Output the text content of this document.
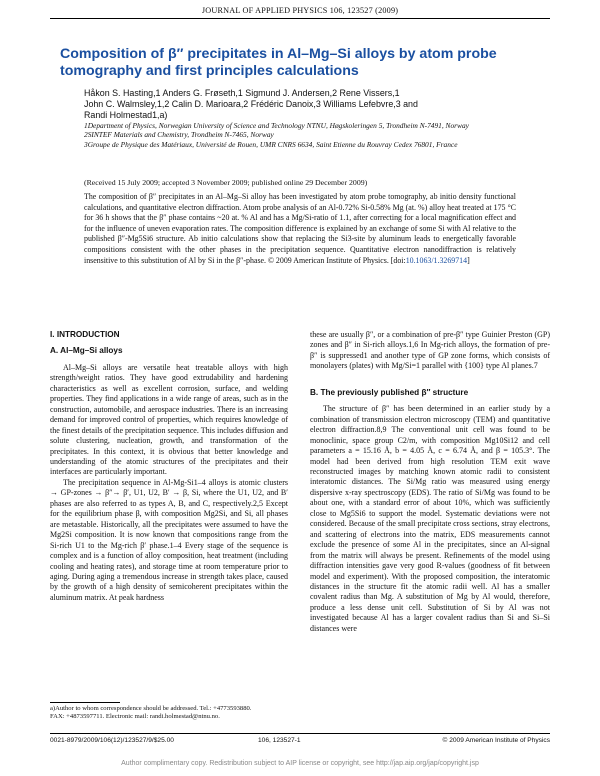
JOURNAL OF APPLIED PHYSICS 106, 123527 (2009)
Composition of β″ precipitates in Al–Mg–Si alloys by atom probe tomography and first principles calculations
Håkon S. Hasting,1 Anders G. Frøseth,1 Sigmund J. Andersen,2 Rene Vissers,1
John C. Walmsley,1,2 Calin D. Marioara,2 Frédéric Danoix,3 Williams Lefebvre,3 and
Randi Holmestad1,a)
1Department of Physics, Norwegian University of Science and Technology NTNU, Høgskoleringen 5, Trondheim N-7491, Norway
2SINTEF Materials and Chemistry, Trondheim N-7465, Norway
3Groupe de Physique des Matériaux, Université de Rouen, UMR CNRS 6634, Saint Etienne du Rouvray Cedex 76801, France
(Received 15 July 2009; accepted 3 November 2009; published online 29 December 2009)
The composition of β″ precipitates in an Al–Mg–Si alloy has been investigated by atom probe tomography, ab initio density functional calculations, and quantitative electron diffraction. Atom probe analysis of an Al-0.72% Si-0.58% Mg (at. %) alloy heat treated at 175 °C for 36 h shows that the β″ phase contains ~20 at. % Al and has a Mg/Si-ratio of 1.1, after correcting for a local magnification effect and for the influence of uneven evaporation rates. The composition difference is explained by an exchange of some Si with Al relative to the published β″-Mg5Si6 structure. Ab initio calculations show that replacing the Si3-site by aluminum leads to energetically favorable compositions consistent with the other phases in the precipitation sequence. Quantitative electron nanodiffraction is relatively insensitive to this substitution of Al by Si in the β″-phase. © 2009 American Institute of Physics. [doi:10.1063/1.3269714]

I. INTRODUCTION

A. Al–Mg–Si alloys

Al–Mg–Si alloys are versatile heat treatable alloys with high strength/weight ratios. They have good extrudability and hardening characteristics as well as excellent corrosion, surface, and welding properties. They find applications in a wide range of areas, such as in the construction, automobile, and aerospace industries. There is an increasing demand for improved control of properties, which requires knowledge of the finest details of the precipitation sequence. This includes diffusion and solute clustering, nucleation, growth, and transformation of the precipitates. In this context, it is obvious that better knowledge and understanding of the atomic structures of the precipitates and their interfaces are particularly important.

The precipitation sequence in Al-Mg-Si1–4 alloys is atomic clusters → GP-zones → β″→ β′, U1, U2, B′ → β, Si, where the U1, U2, and B′ phases are also referred to as types A, B, and C, respectively.2,5 Except for the equilibrium phase β, with composition Mg2Si, and Si, all phases are metastable. Historically, all the precipitates were assumed to have the Mg2Si composition. It is now known that compositions range from the Si-rich U1 to the Mg-rich β′ phase.1–4 Every stage of the sequence is complex and is a function of alloy composition, heat treatment (including cooling and heating rates), and storage time at room temperature prior to aging. During aging a tremendous increase in strength takes place, caused by the growth of a high density of semicoherent precipitates within the aluminum matrix. At peak hardness

a)Author to whom correspondence should be addressed. Tel.: +4773593880.
FAX: +4873597711. Electronic mail: randi.holmestad@ntnu.no.

these are usually β″, or a combination of pre-β″ type Guinier Preston (GP) zones and β″ in Si-rich alloys.1,6 In Mg-rich alloys, the formation of pre-β″ is suppressed1 and another type of GP zone forms, which consists of monolayers (plates) with Mg/Si=1 parallel with {100} type Al planes.7

B. The previously published β″ structure

The structure of β″ has been determined in an earlier study by a combination of transmission electron microscopy (TEM) and quantitative electron diffraction.8,9 The conventional unit cell was found to be monoclinic, space group C2/m, with composition Mg10Si12 and cell parameters a = 15.16 Å, b = 4.05 Å, c = 6.74 Å, and β = 105.3°. The model had been derived from high resolution TEM exit wave reconstructed images by matching known atomic radii to consistent interatomic distances. The Si/Mg ratio was measured using energy dispersive x-ray spectroscopy (EDS). The ratio of Si/Mg was found to be about one, with a standard error of about 10%, which was sufficiently close to Mg5Si6 to support the model. Systematic deviations were not considered. Because of the small precipitate cross sections, stray electrons, and scattering of electrons into the matrix, EDS measurements cannot exclude the presence of some Al in the precipitates, since an Al-signal from the matrix will always be present. Refinements of the model using diffraction intensities gave very good R-values (goodness of fit between model and experiment). With the proposed composition, the interatomic distances in the structure fit the atomic radii well. Al has a smaller covalent radius than Mg. A substitution of Mg by Al would, therefore, produce a less dense unit cell. Substitution of Si by Al was not investigated because Al has a larger covalent radius than Si and Si–Si distances were

0021-8979/2009/106(12)/123527/9/$25.00	106, 123527-1	© 2009 American Institute of Physics
Author complimentary copy. Redistribution subject to AIP license or copyright, see http://jap.aip.org/jap/copyright.jsp
